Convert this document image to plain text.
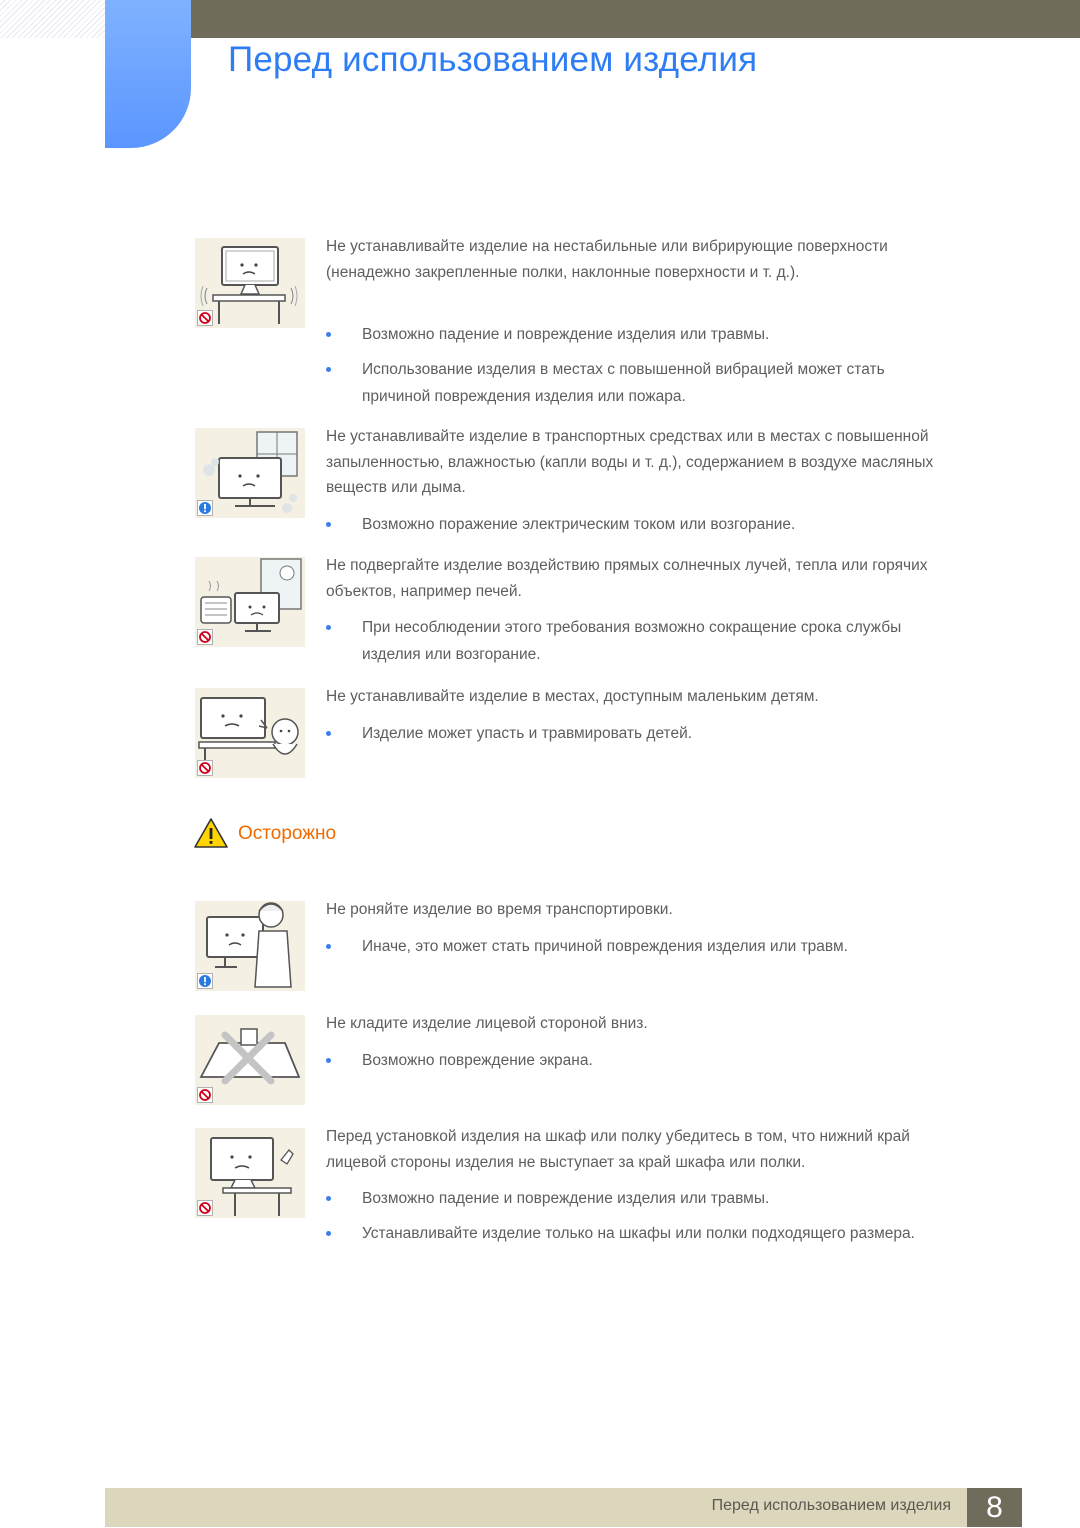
Перед использованием изделия

Не устанавливайте изделие на нестабильные или вибрирующие поверхности (ненадежно закрепленные полки, наклонные поверхности и т. д.).

Возможно падение и повреждение изделия или травмы.
Использование изделия в местах с повышенной вибрацией может стать причиной повреждения изделия или пожара.

Не устанавливайте изделие в транспортных средствах или в местах с повышенной запыленностью, влажностью (капли воды и т. д.), содержанием в воздухе масляных веществ или дыма.

Возможно поражение электрическим током или возгорание.

Не подвергайте изделие воздействию прямых солнечных лучей, тепла или горячих объектов, например печей.

При несоблюдении этого требования возможно сокращение срока службы изделия или возгорание.

Не устанавливайте изделие в местах, доступным маленьким детям.

Изделие может упасть и травмировать детей.
Осторожно

Не роняйте изделие во время транспортировки.

Иначе, это может стать причиной повреждения изделия или травм.

Не кладите изделие лицевой стороной вниз.

Возможно повреждение экрана.

Перед установкой изделия на шкаф или полку убедитесь в том, что нижний край лицевой стороны изделия не выступает за край шкафа или полки.

Возможно падение и повреждение изделия или травмы.
Устанавливайте изделие только на шкафы или полки подходящего размера.
Перед использованием изделия	8
